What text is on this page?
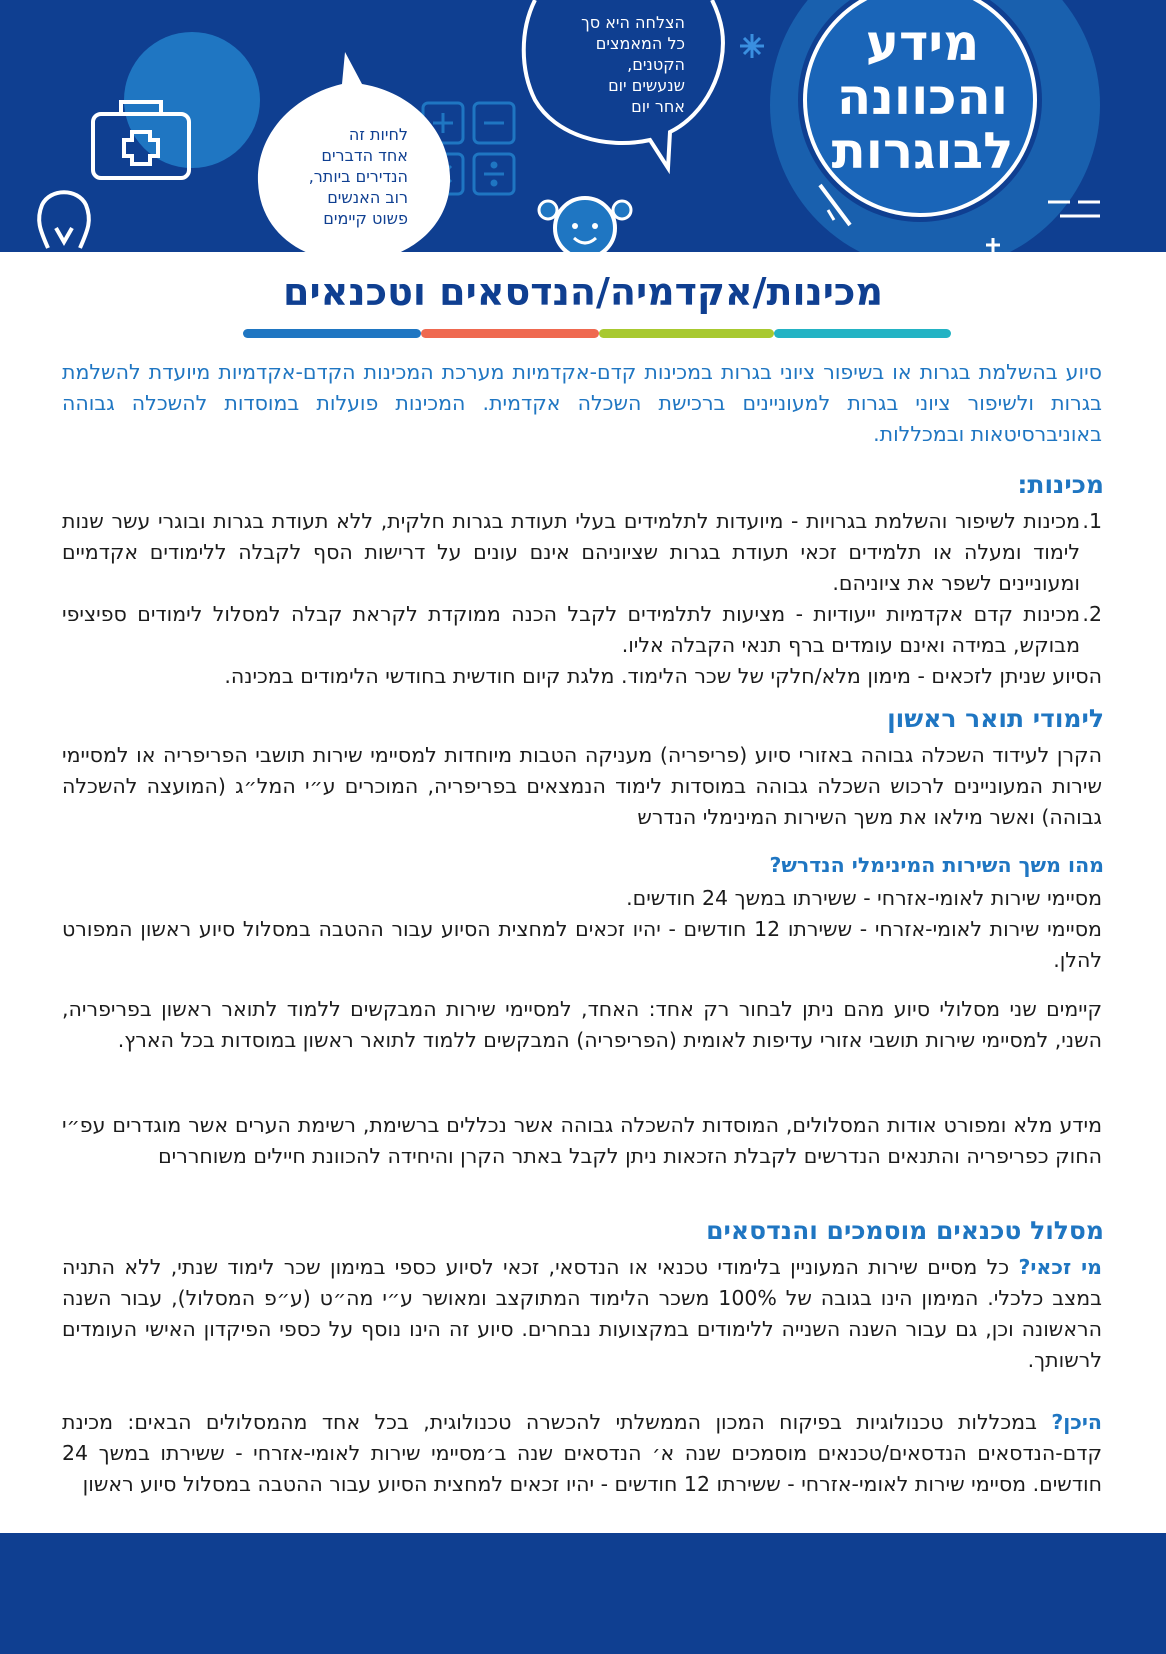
לחיות זה
אחד הדברים
הנדירים ביותר,
רוב האנשים
פשוט קיימים
הצלחה היא סך
כל המאמצים
הקטנים,
שנעשים יום
אחר יום
מידע
והכוונה
לבוגרות
מכינות/אקדמיה/הנדסאים וטכנאים

סיוע בהשלמת בגרות או בשיפור ציוני בגרות במכינות קדם-אקדמיות מערכת המכינות הקדם-אקדמיות מיועדת להשלמת בגרות ולשיפור ציוני בגרות למעוניינים ברכישת השכלה אקדמית. המכינות פועלות במוסדות להשכלה גבוהה באוניברסיטאות ובמכללות.

מכינות:
1.
מכינות לשיפור והשלמת בגרויות - מיועדות לתלמידים בעלי תעודת בגרות חלקית, ללא תעודת בגרות ובוגרי עשר שנות לימוד ומעלה או תלמידים זכאי תעודת בגרות שציוניהם אינם עונים על דרישות הסף לקבלה ללימודים אקדמיים ומעוניינים לשפר את ציוניהם.
2.
מכינות קדם אקדמיות ייעודיות - מציעות לתלמידים לקבל הכנה ממוקדת לקראת קבלה למסלול לימודים ספיציפי מבוקש, במידה ואינם עומדים ברף תנאי הקבלה אליו.

הסיוע שניתן לזכאים - מימון מלא/חלקי של שכר הלימוד. מלגת קיום חודשית בחודשי הלימודים במכינה.

לימודי תואר ראשון

הקרן לעידוד השכלה גבוהה באזורי סיוע (פריפריה) מעניקה הטבות מיוחדות למסיימי שירות תושבי הפריפריה או למסיימי שירות המעוניינים לרכוש השכלה גבוהה במוסדות לימוד הנמצאים בפריפריה, המוכרים ע״י המל״ג (המועצה להשכלה גבוהה) ואשר מילאו את משך השירות המינימלי הנדרש

מהו משך השירות המינימלי הנדרש?

מסיימי שירות לאומי-אזרחי - ששירתו במשך 24 חודשים.

מסיימי שירות לאומי-אזרחי - ששירתו 12 חודשים - יהיו זכאים למחצית הסיוע עבור ההטבה במסלול סיוע ראשון המפורט להלן.

קיימים שני מסלולי סיוע מהם ניתן לבחור רק אחד: האחד, למסיימי שירות המבקשים ללמוד לתואר ראשון בפריפריה, השני, למסיימי שירות תושבי אזורי עדיפות לאומית (הפריפריה) המבקשים ללמוד לתואר ראשון במוסדות בכל הארץ.

מידע מלא ומפורט אודות המסלולים, המוסדות להשכלה גבוהה אשר נכללים ברשימת, רשימת הערים אשר מוגדרים עפ״י החוק כפריפריה והתנאים הנדרשים לקבלת הזכאות ניתן לקבל באתר הקרן והיחידה להכוונת חיילים משוחררים

מסלול טכנאים מוסמכים והנדסאים

מי זכאי? כל מסיים שירות המעוניין בלימודי טכנאי או הנדסאי, זכאי לסיוע כספי במימון שכר לימוד שנתי, ללא התניה במצב כלכלי. המימון הינו בגובה של 100% משכר הלימוד המתוקצב ומאושר ע״י מה״ט (ע״פ המסלול), עבור השנה הראשונה וכן, גם עבור השנה השנייה ללימודים במקצועות נבחרים. סיוע זה הינו נוסף על כספי הפיקדון האישי העומדים לרשותך.

היכן? במכללות טכנולוגיות בפיקוח המכון הממשלתי להכשרה טכנולוגית, בכל אחד מהמסלולים הבאים: מכינת קדם-הנדסאים הנדסאים/טכנאים מוסמכים שנה א׳ הנדסאים שנה ב׳מסיימי שירות לאומי-אזרחי - ששירתו במשך 24 חודשים. מסיימי שירות לאומי-אזרחי - ששירתו 12 חודשים - יהיו זכאים למחצית הסיוע עבור ההטבה במסלול סיוע ראשון
